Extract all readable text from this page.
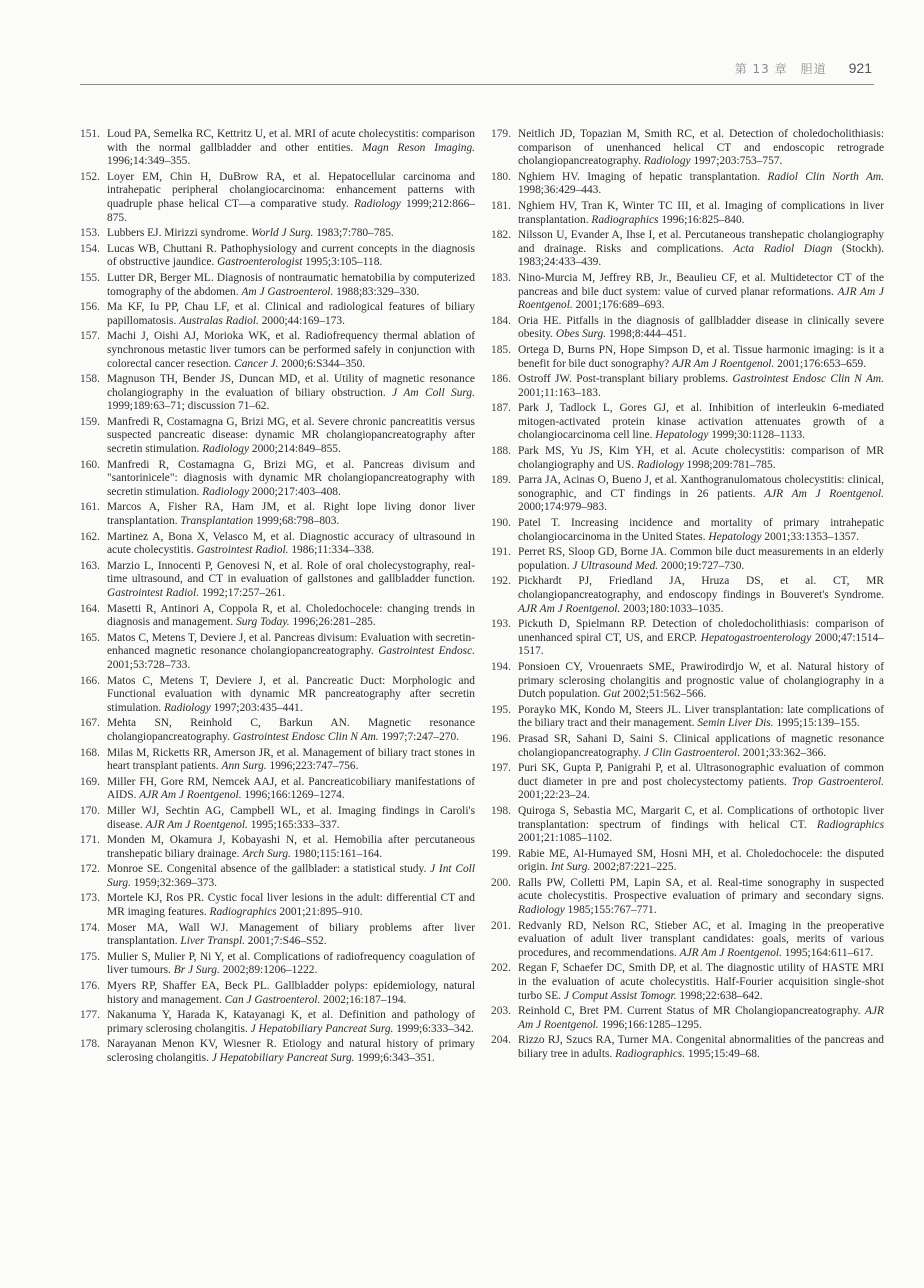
第 13 章　胆道 921
151. Loud PA, Semelka RC, Kettritz U, et al. MRI of acute cholecystitis: comparison with the normal gallbladder and other entities. Magn Reson Imaging. 1996;14:349–355.
152. Loyer EM, Chin H, DuBrow RA, et al. Hepatocellular carcinoma and intrahepatic peripheral cholangiocarcinoma: enhancement patterns with quadruple phase helical CT—a comparative study. Radiology 1999;212:866–875.
153. Lubbers EJ. Mirizzi syndrome. World J Surg. 1983;7:780–785.
154. Lucas WB, Chuttani R. Pathophysiology and current concepts in the diagnosis of obstructive jaundice. Gastroenterologist 1995;3:105–118.
155. Lutter DR, Berger ML. Diagnosis of nontraumatic hematobilia by computerized tomography of the abdomen. Am J Gastroenterol. 1988;83:329–330.
156. Ma KF, Iu PP, Chau LF, et al. Clinical and radiological features of biliary papillomatosis. Australas Radiol. 2000;44:169–173.
157. Machi J, Oishi AJ, Morioka WK, et al. Radiofrequency thermal ablation of synchronous metastic liver tumors can be performed safely in conjunction with colorectal cancer resection. Cancer J. 2000;6:S344–350.
158. Magnuson TH, Bender JS, Duncan MD, et al. Utility of magnetic resonance cholangiography in the evaluation of biliary obstruction. J Am Coll Surg. 1999;189:63–71; discussion 71–62.
159. Manfredi R, Costamagna G, Brizi MG, et al. Severe chronic pancreatitis versus suspected pancreatic disease: dynamic MR cholangiopancreatography after secretin stimulation. Radiology 2000;214:849–855.
160. Manfredi R, Costamagna G, Brizi MG, et al. Pancreas divisum and "santorinicele": diagnosis with dynamic MR cholangiopancreatography with secretin stimulation. Radiology 2000;217:403–408.
161. Marcos A, Fisher RA, Ham JM, et al. Right lope living donor liver transplantation. Transplantation 1999;68:798–803.
162. Martinez A, Bona X, Velasco M, et al. Diagnostic accuracy of ultrasound in acute cholecystitis. Gastrointest Radiol. 1986;11:334–338.
163. Marzio L, Innocenti P, Genovesi N, et al. Role of oral cholecystography, real-time ultrasound, and CT in evaluation of gallstones and gallbladder function. Gastrointest Radiol. 1992;17:257–261.
164. Masetti R, Antinori A, Coppola R, et al. Choledochocele: changing trends in diagnosis and management. Surg Today. 1996;26:281–285.
165. Matos C, Metens T, Deviere J, et al. Pancreas divisum: Evaluation with secretin-enhanced magnetic resonance cholangiopancreatography. Gastrointest Endosc. 2001;53:728–733.
166. Matos C, Metens T, Deviere J, et al. Pancreatic Duct: Morphologic and Functional evaluation with dynamic MR pancreatography after secretin stimulation. Radiology 1997;203:435–441.
167. Mehta SN, Reinhold C, Barkun AN. Magnetic resonance cholangiopancreatography. Gastrointest Endosc Clin N Am. 1997;7:247–270.
168. Milas M, Ricketts RR, Amerson JR, et al. Management of biliary tract stones in heart transplant patients. Ann Surg. 1996;223:747–756.
169. Miller FH, Gore RM, Nemcek AAJ, et al. Pancreaticobiliary manifestations of AIDS. AJR Am J Roentgenol. 1996;166:1269–1274.
170. Miller WJ, Sechtin AG, Campbell WL, et al. Imaging findings in Caroli's disease. AJR Am J Roentgenol. 1995;165:333–337.
171. Monden M, Okamura J, Kobayashi N, et al. Hemobilia after percutaneous transhepatic biliary drainage. Arch Surg. 1980;115:161–164.
172. Monroe SE. Congenital absence of the gallblader: a statistical study. J Int Coll Surg. 1959;32:369–373.
173. Mortele KJ, Ros PR. Cystic focal liver lesions in the adult: differential CT and MR imaging features. Radiographics 2001;21:895–910.
174. Moser MA, Wall WJ. Management of biliary problems after liver transplantation. Liver Transpl. 2001;7:S46–S52.
175. Mulier S, Mulier P, Ni Y, et al. Complications of radiofrequency coagulation of liver tumours. Br J Surg. 2002;89:1206–1222.
176. Myers RP, Shaffer EA, Beck PL. Gallbladder polyps: epidemiology, natural history and management. Can J Gastroenterol. 2002;16:187–194.
177. Nakanuma Y, Harada K, Katayanagi K, et al. Definition and pathology of primary sclerosing cholangitis. J Hepatobiliary Pancreat Surg. 1999;6:333–342.
178. Narayanan Menon KV, Wiesner R. Etiology and natural history of primary sclerosing cholangitis. J Hepatobiliary Pancreat Surg. 1999;6:343–351.
179. Neitlich JD, Topazian M, Smith RC, et al. Detection of choledocholithiasis: comparison of unenhanced helical CT and endoscopic retrograde cholangiopancreatography. Radiology 1997;203:753–757.
180. Nghiem HV. Imaging of hepatic transplantation. Radiol Clin North Am. 1998;36:429–443.
181. Nghiem HV, Tran K, Winter TC III, et al. Imaging of complications in liver transplantation. Radiographics 1996;16:825–840.
182. Nilsson U, Evander A, Ihse I, et al. Percutaneous transhepatic cholangiography and drainage. Risks and complications. Acta Radiol Diagn (Stockh). 1983;24:433–439.
183. Nino-Murcia M, Jeffrey RB, Jr., Beaulieu CF, et al. Multidetector CT of the pancreas and bile duct system: value of curved planar reformations. AJR Am J Roentgenol. 2001;176:689–693.
184. Oria HE. Pitfalls in the diagnosis of gallbladder disease in clinically severe obesity. Obes Surg. 1998;8:444–451.
185. Ortega D, Burns PN, Hope Simpson D, et al. Tissue harmonic imaging: is it a benefit for bile duct sonography? AJR Am J Roentgenol. 2001;176:653–659.
186. Ostroff JW. Post-transplant biliary problems. Gastrointest Endosc Clin N Am. 2001;11:163–183.
187. Park J, Tadlock L, Gores GJ, et al. Inhibition of interleukin 6-mediated mitogen-activated protein kinase activation attenuates growth of a cholangiocarcinoma cell line. Hepatology 1999;30:1128–1133.
188. Park MS, Yu JS, Kim YH, et al. Acute cholecystitis: comparison of MR cholangiography and US. Radiology 1998;209:781–785.
189. Parra JA, Acinas O, Bueno J, et al. Xanthogranulomatous cholecystitis: clinical, sonographic, and CT findings in 26 patients. AJR Am J Roentgenol. 2000;174:979–983.
190. Patel T. Increasing incidence and mortality of primary intrahepatic cholangiocarcinoma in the United States. Hepatology 2001;33:1353–1357.
191. Perret RS, Sloop GD, Borne JA. Common bile duct measurements in an elderly population. J Ultrasound Med. 2000;19:727–730.
192. Pickhardt PJ, Friedland JA, Hruza DS, et al. CT, MR cholangiopancreatography, and endoscopy findings in Bouveret's Syndrome. AJR Am J Roentgenol. 2003;180:1033–1035.
193. Pickuth D, Spielmann RP. Detection of choledocholithiasis: comparison of unenhanced spiral CT, US, and ERCP. Hepatogastroenterology 2000;47:1514–1517.
194. Ponsioen CY, Vrouenraets SME, Prawirodirdjo W, et al. Natural history of primary sclerosing cholangitis and prognostic value of cholangiography in a Dutch population. Gut 2002;51:562–566.
195. Porayko MK, Kondo M, Steers JL. Liver transplantation: late complications of the biliary tract and their management. Semin Liver Dis. 1995;15:139–155.
196. Prasad SR, Sahani D, Saini S. Clinical applications of magnetic resonance cholangiopancreatography. J Clin Gastroenterol. 2001;33:362–366.
197. Puri SK, Gupta P, Panigrahi P, et al. Ultrasonographic evaluation of common duct diameter in pre and post cholecystectomy patients. Trop Gastroenterol. 2001;22:23–24.
198. Quiroga S, Sebastia MC, Margarit C, et al. Complications of orthotopic liver transplantation: spectrum of findings with helical CT. Radiographics 2001;21:1085–1102.
199. Rabie ME, Al-Humayed SM, Hosni MH, et al. Choledochocele: the disputed origin. Int Surg. 2002;87:221–225.
200. Ralls PW, Colletti PM, Lapin SA, et al. Real-time sonography in suspected acute cholecystitis. Prospective evaluation of primary and secondary signs. Radiology 1985;155:767–771.
201. Redvanly RD, Nelson RC, Stieber AC, et al. Imaging in the preoperative evaluation of adult liver transplant candidates: goals, merits of various procedures, and recommendations. AJR Am J Roentgenol. 1995;164:611–617.
202. Regan F, Schaefer DC, Smith DP, et al. The diagnostic utility of HASTE MRI in the evaluation of acute cholecystitis. Half-Fourier acquisition single-shot turbo SE. J Comput Assist Tomogr. 1998;22:638–642.
203. Reinhold C, Bret PM. Current Status of MR Cholangiopancreatography. AJR Am J Roentgenol. 1996;166:1285–1295.
204. Rizzo RJ, Szucs RA, Turner MA. Congenital abnormalities of the pancreas and biliary tree in adults. Radiographics. 1995;15:49–68.
